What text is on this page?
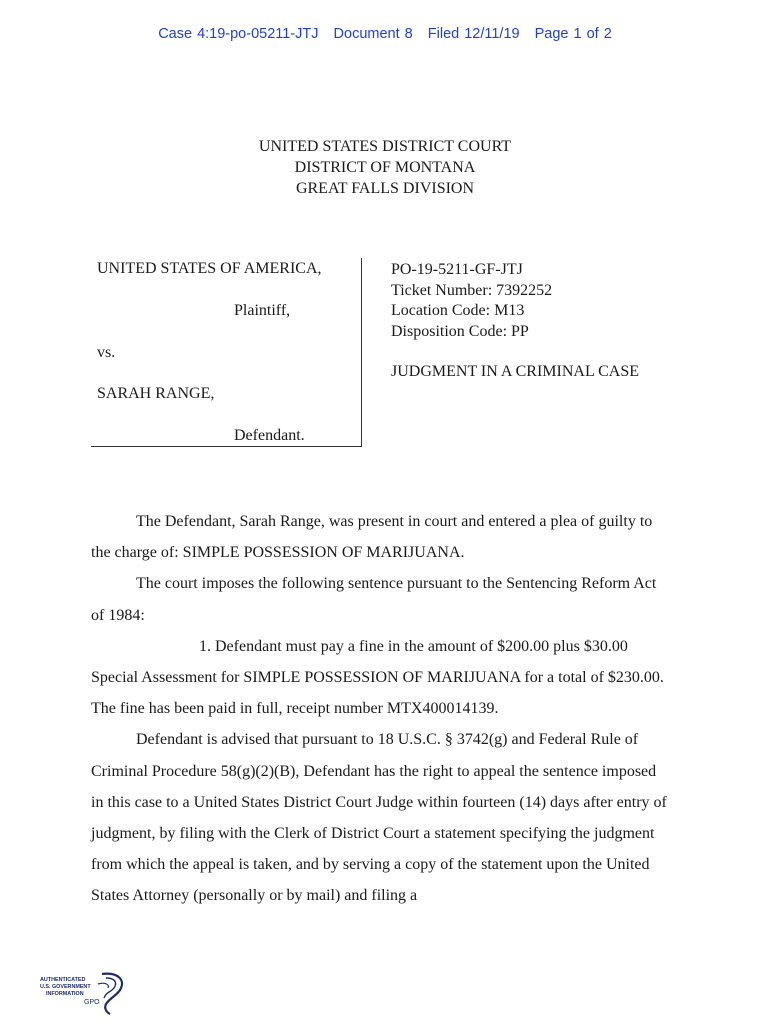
Case 4:19-po-05211-JTJ Document 8 Filed 12/11/19 Page 1 of 2
UNITED STATES DISTRICT COURT
DISTRICT OF MONTANA
GREAT FALLS DIVISION
UNITED STATES OF AMERICA,
Plaintiff,
vs.
SARAH RANGE,
Defendant.
PO-19-5211-GF-JTJ
Ticket Number: 7392252
Location Code: M13
Disposition Code: PP
JUDGMENT IN A CRIMINAL CASE

The Defendant, Sarah Range, was present in court and entered a plea of guilty to the charge of: SIMPLE POSSESSION OF MARIJUANA.

The court imposes the following sentence pursuant to the Sentencing Reform Act of 1984:

1. Defendant must pay a fine in the amount of $200.00 plus $30.00 Special Assessment for SIMPLE POSSESSION OF MARIJUANA for a total of $230.00. The fine has been paid in full, receipt number MTX400014139.

Defendant is advised that pursuant to 18 U.S.C. § 3742(g) and Federal Rule of Criminal Procedure 58(g)(2)(B), Defendant has the right to appeal the sentence imposed in this case to a United States District Court Judge within fourteen (14) days after entry of judgment, by filing with the Clerk of District Court a statement specifying the judgment from which the appeal is taken, and by serving a copy of the statement upon the United States Attorney (personally or by mail) and filing a

AUTHENTICATED
U.S. GOVERNMENT
INFORMATION
GPO
